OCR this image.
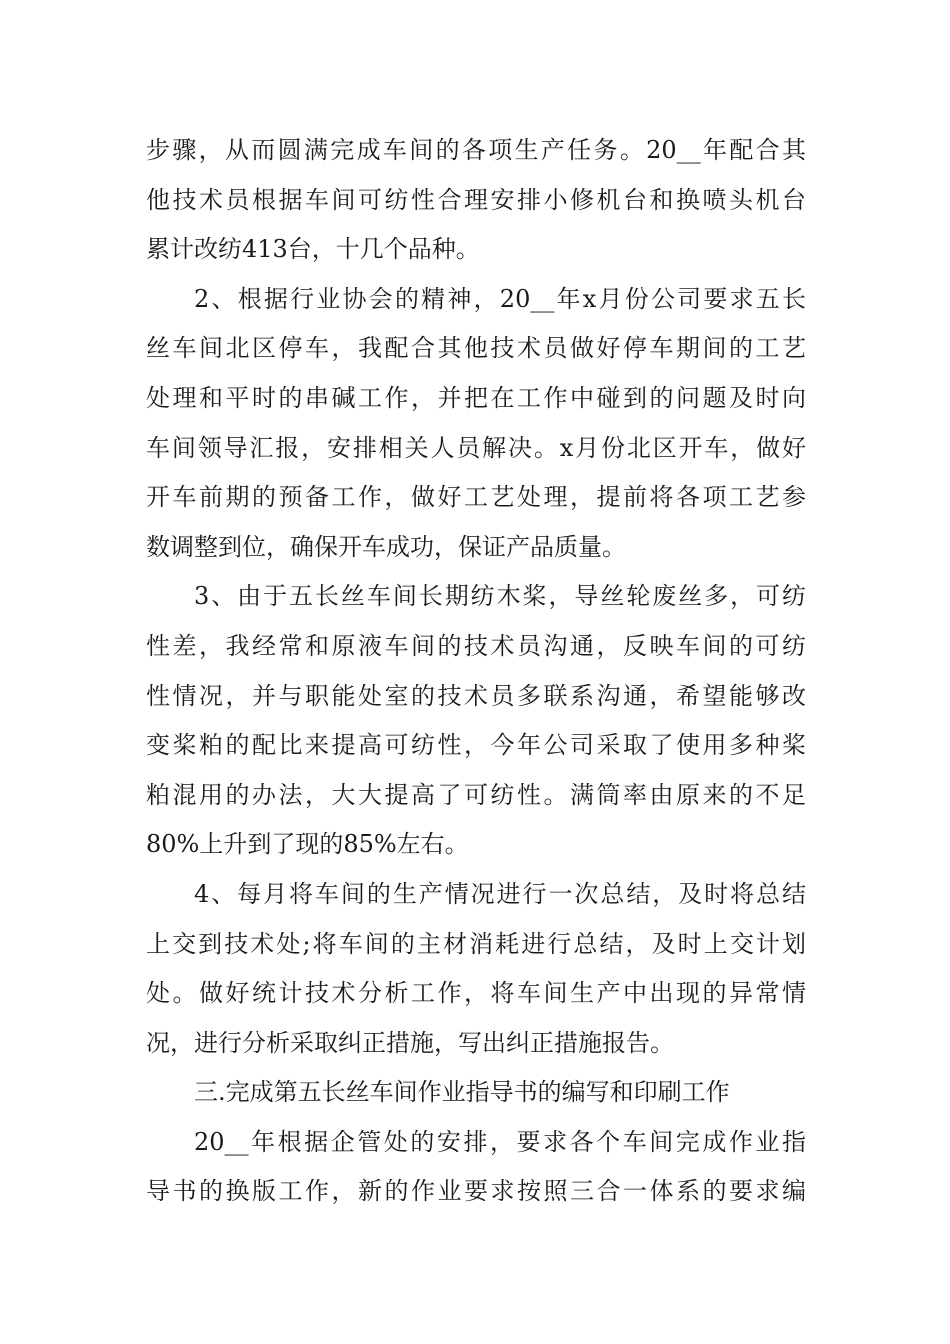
步骤，从而圆满完成车间的各项生产任务。20__年配合其
他技术员根据车间可纺性合理安排小修机台和换喷头机台
累计改纺413台，十几个品种。
2、根据行业协会的精神，20__年x月份公司要求五长
丝车间北区停车，我配合其他技术员做好停车期间的工艺
处理和平时的串碱工作，并把在工作中碰到的问题及时向
车间领导汇报，安排相关人员解决。x月份北区开车，做好
开车前期的预备工作，做好工艺处理，提前将各项工艺参
数调整到位，确保开车成功，保证产品质量。
3、由于五长丝车间长期纺木桨，导丝轮废丝多，可纺
性差，我经常和原液车间的技术员沟通，反映车间的可纺
性情况，并与职能处室的技术员多联系沟通，希望能够改
变桨粕的配比来提高可纺性，今年公司采取了使用多种桨
粕混用的办法，大大提高了可纺性。满筒率由原来的不足
80%上升到了现的85%左右。
4、每月将车间的生产情况进行一次总结，及时将总结
上交到技术处;将车间的主材消耗进行总结，及时上交计划
处。做好统计技术分析工作，将车间生产中出现的异常情
况，进行分析采取纠正措施，写出纠正措施报告。
三.完成第五长丝车间作业指导书的编写和印刷工作
20__年根据企管处的安排，要求各个车间完成作业指
导书的换版工作，新的作业要求按照三合一体系的要求编
